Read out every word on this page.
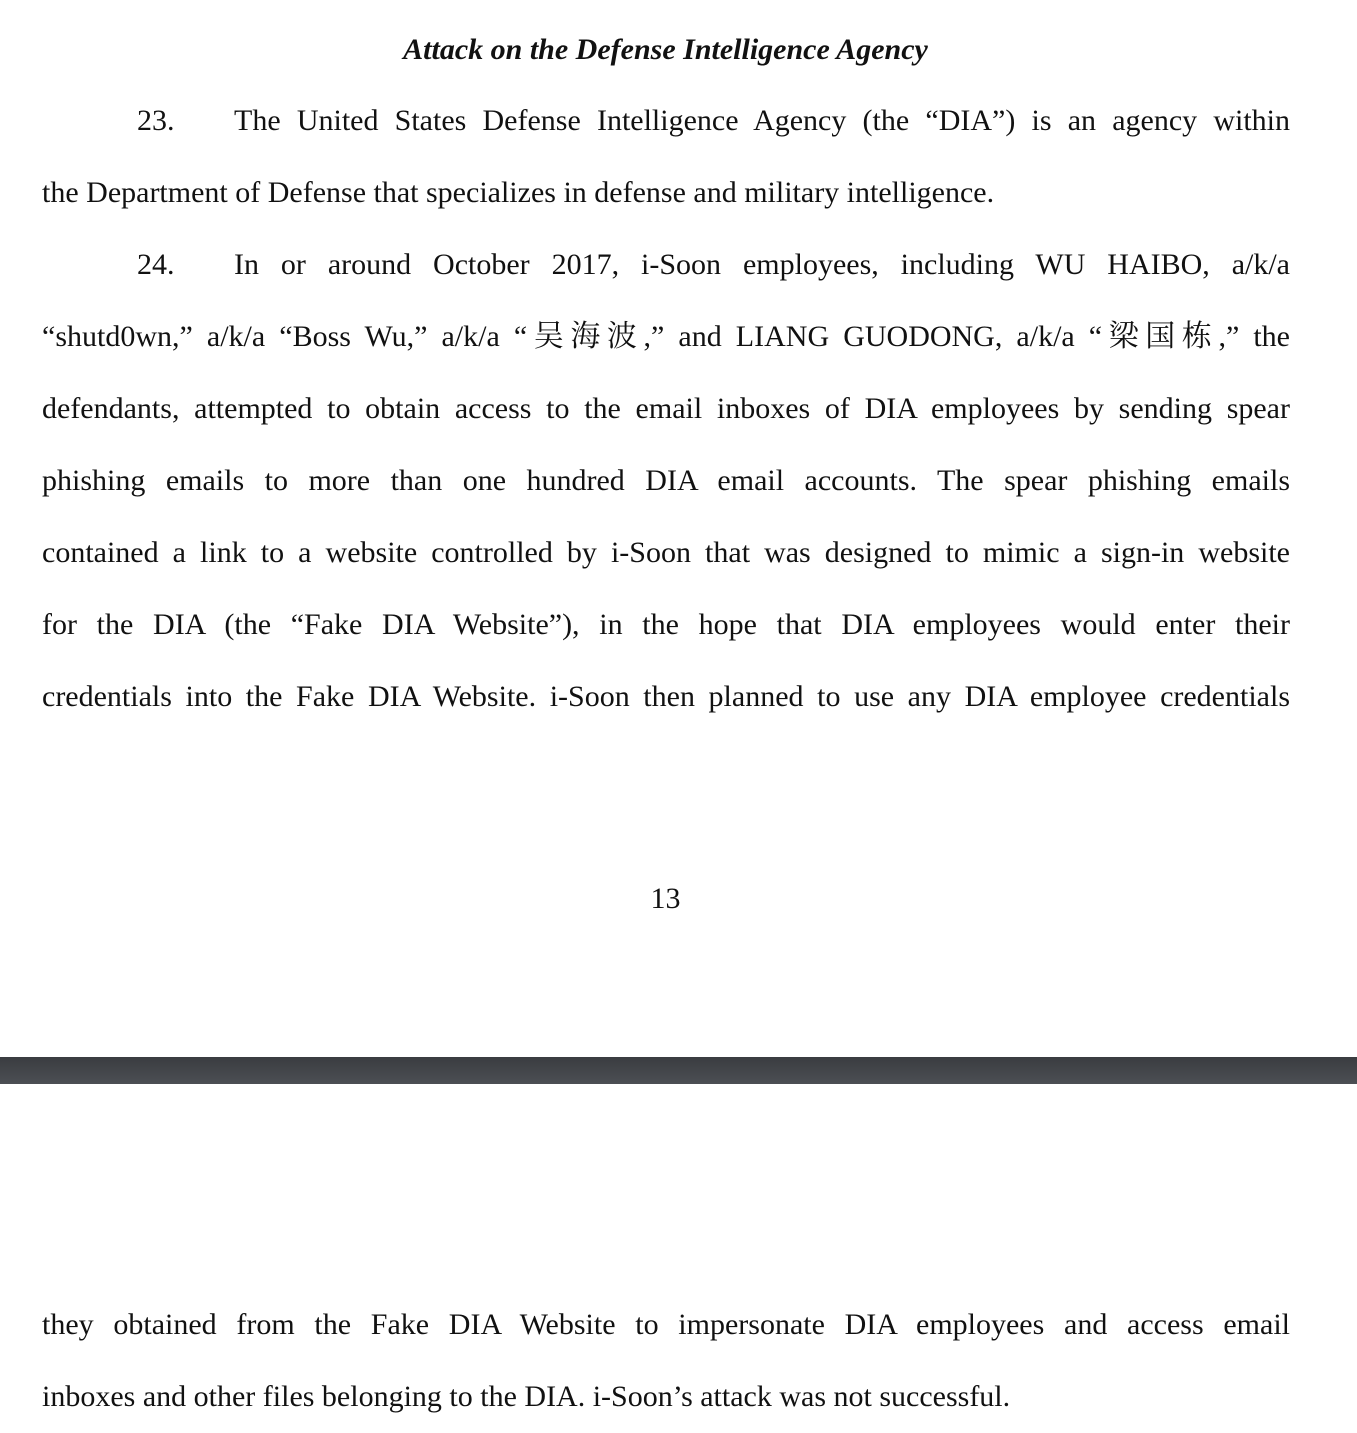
Attack on the Defense Intelligence Agency
23. The United States Defense Intelligence Agency (the “DIA”) is an agency within
the Department of Defense that specializes in defense and military intelligence.
24. In or around October 2017, i-Soon employees, including WU HAIBO, a/k/a
“shutd0wn,” a/k/a “Boss Wu,” a/k/a “吴海波,” and LIANG GUODONG, a/k/a “梁国栋,” the
defendants, attempted to obtain access to the email inboxes of DIA employees by sending spear
phishing emails to more than one hundred DIA email accounts. The spear phishing emails
contained a link to a website controlled by i-Soon that was designed to mimic a sign-in website
for the DIA (the “Fake DIA Website”), in the hope that DIA employees would enter their
credentials into the Fake DIA Website. i-Soon then planned to use any DIA employee credentials
13
they obtained from the Fake DIA Website to impersonate DIA employees and access email
inboxes and other files belonging to the DIA. i-Soon’s attack was not successful.
